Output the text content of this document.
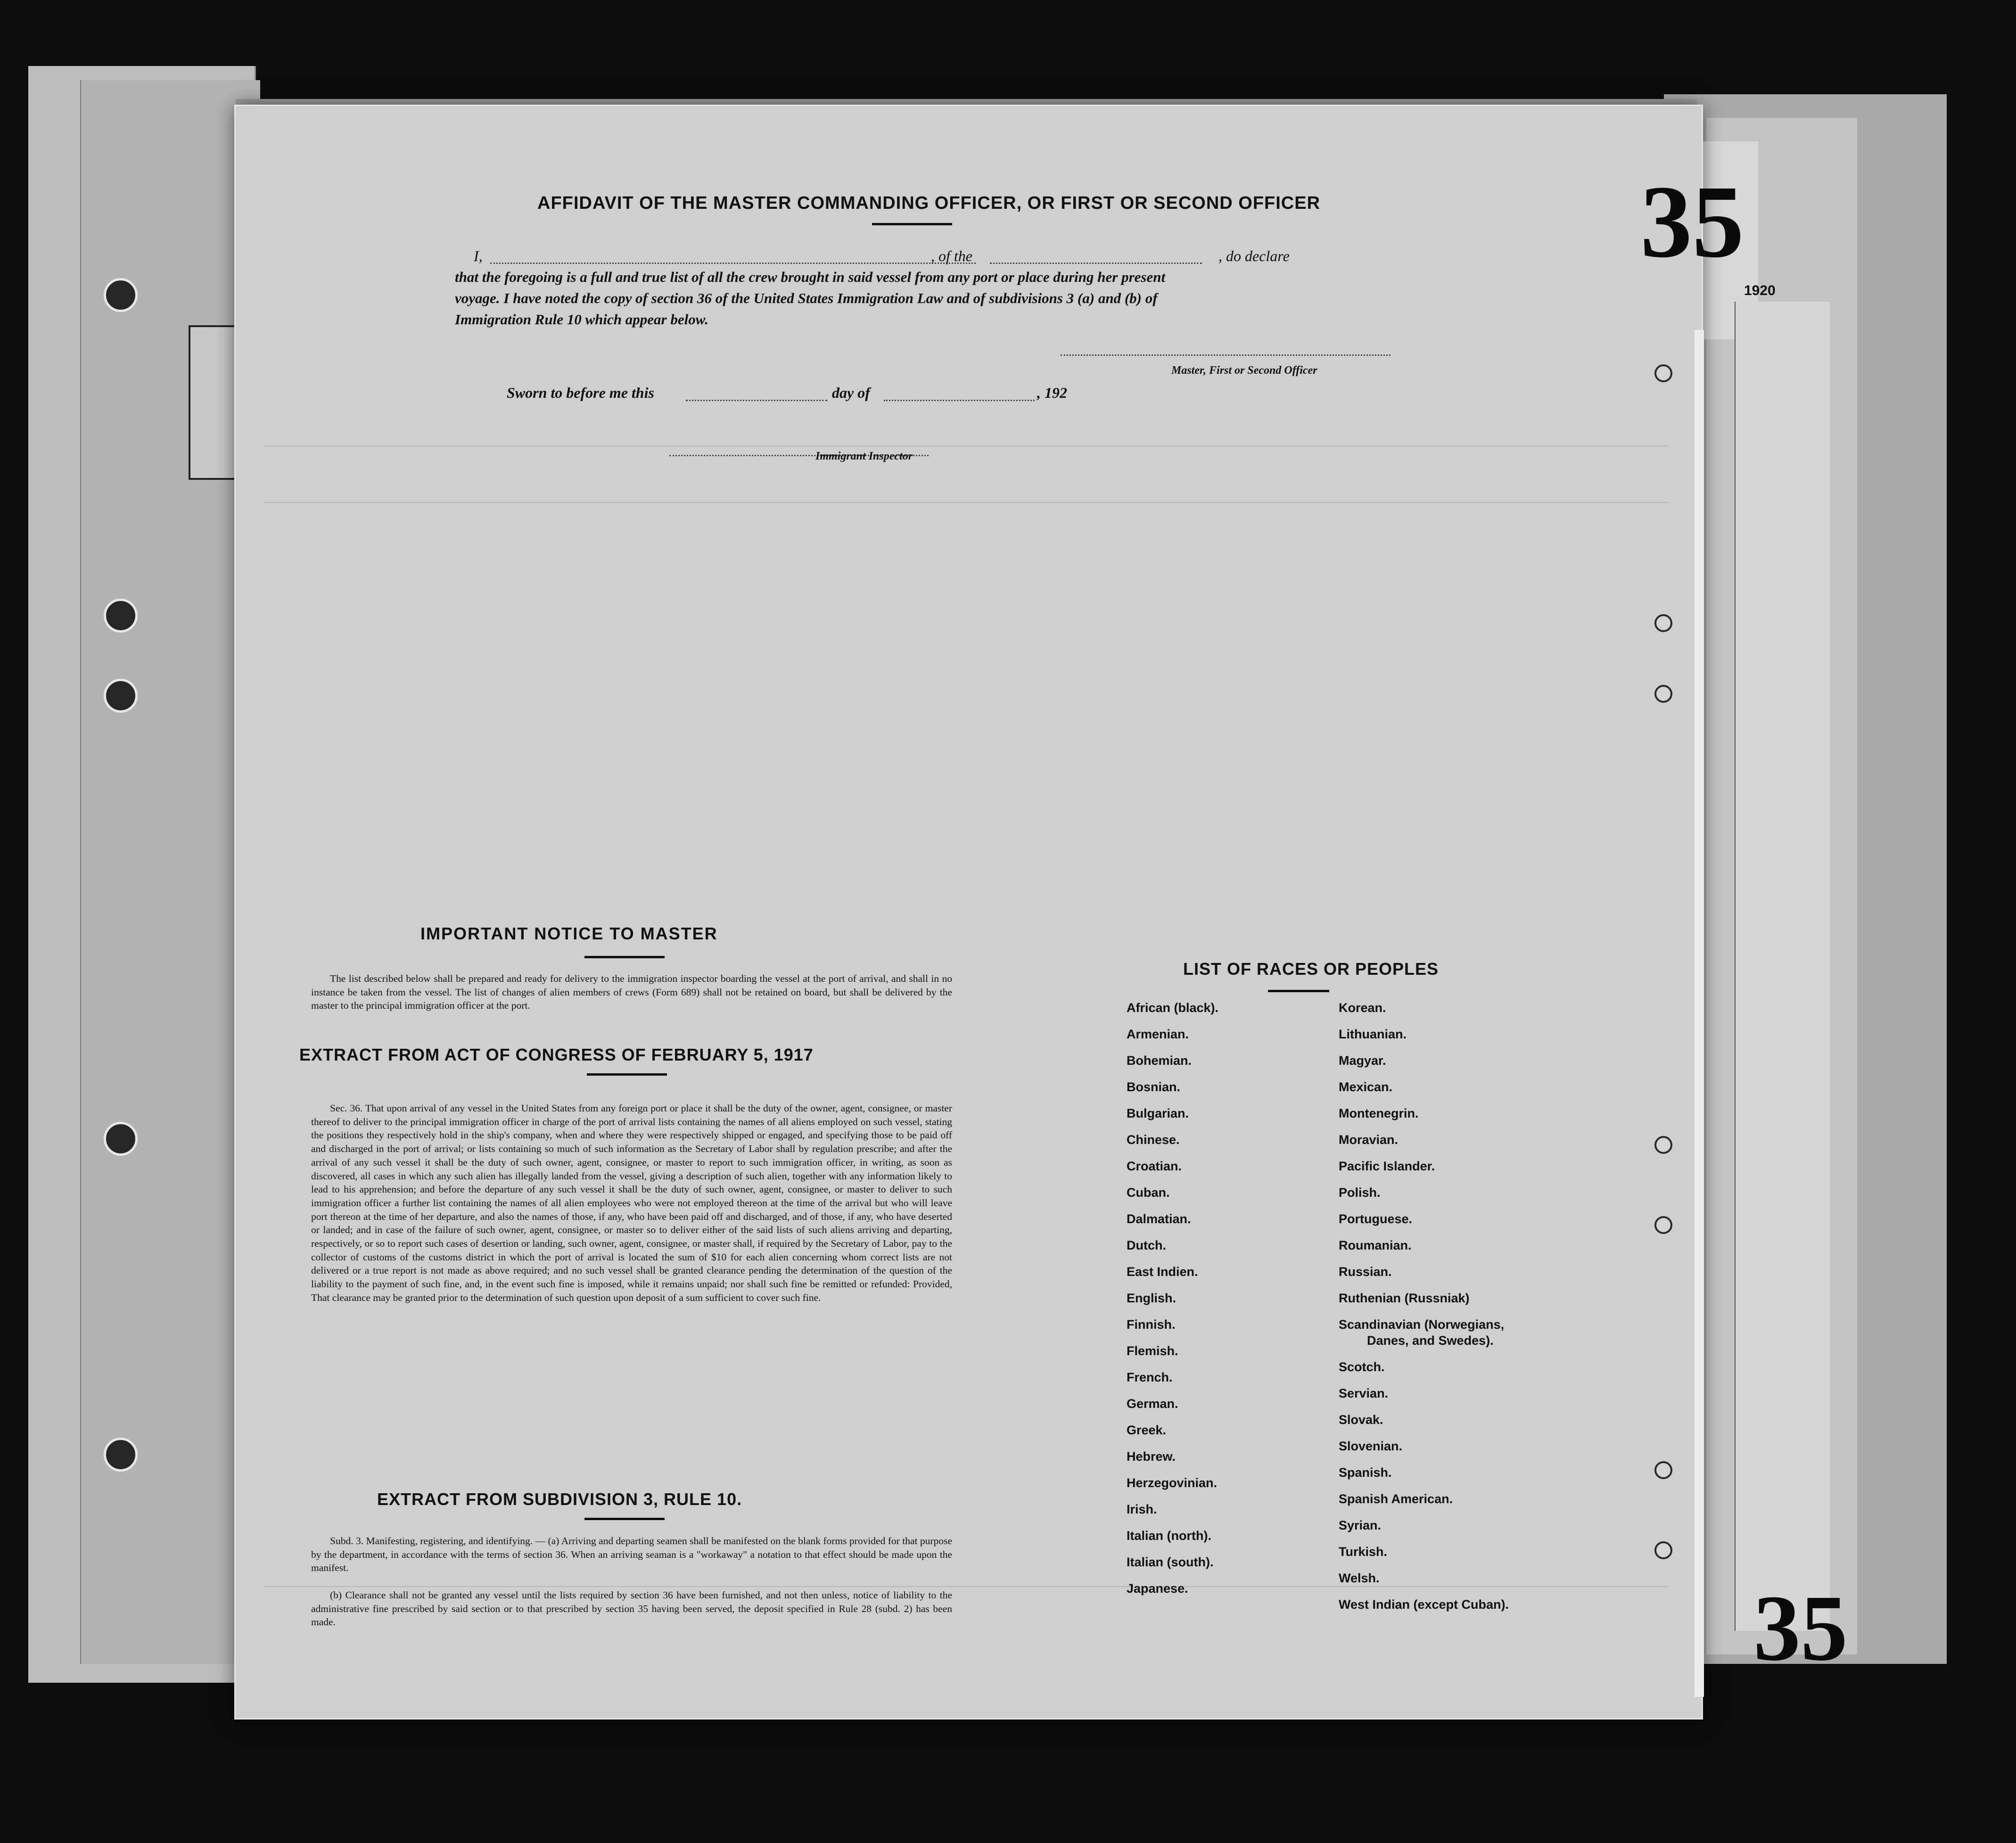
1920
AFFIDAVIT OF THE MASTER COMMANDING OFFICER, OR FIRST OR SECOND OFFICER
I,	, of the	, do declare
that the foregoing is a full and true list of all the crew brought in said vessel from any port or place during her present
voyage. I have noted the copy of section 36 of the United States Immigration Law and of subdivisions 3 (a) and (b) of
Immigration Rule 10 which appear below.
Master, First or Second Officer
Sworn to before me this	day of	, 192
Immigrant Inspector
IMPORTANT NOTICE TO MASTER
The list described below shall be prepared and ready for delivery to the immigration inspector boarding the vessel at the port of arrival, and shall in no instance be taken from the vessel. The list of changes of alien members of crews (Form 689) shall not be retained on board, but shall be delivered by the master to the principal immigration officer at the port.
EXTRACT FROM ACT OF CONGRESS OF FEBRUARY 5, 1917
Sec. 36. That upon arrival of any vessel in the United States from any foreign port or place it shall be the duty of the owner, agent, consignee, or master thereof to deliver to the principal immigration officer in charge of the port of arrival lists containing the names of all aliens employed on such vessel, stating the positions they respectively hold in the ship's company, when and where they were respectively shipped or engaged, and specifying those to be paid off and discharged in the port of arrival; or lists containing so much of such information as the Secretary of Labor shall by regulation prescribe; and after the arrival of any such vessel it shall be the duty of such owner, agent, consignee, or master to report to such immigration officer, in writing, as soon as discovered, all cases in which any such alien has illegally landed from the vessel, giving a description of such alien, together with any information likely to lead to his apprehension; and before the departure of any such vessel it shall be the duty of such owner, agent, consignee, or master to deliver to such immigration officer a further list containing the names of all alien employees who were not employed thereon at the time of the arrival but who will leave port thereon at the time of her departure, and also the names of those, if any, who have been paid off and discharged, and of those, if any, who have deserted or landed; and in case of the failure of such owner, agent, consignee, or master so to deliver either of the said lists of such aliens arriving and departing, respectively, or so to report such cases of desertion or landing, such owner, agent, consignee, or master shall, if required by the Secretary of Labor, pay to the collector of customs of the customs district in which the port of arrival is located the sum of $10 for each alien concerning whom correct lists are not delivered or a true report is not made as above required; and no such vessel shall be granted clearance pending the determination of the question of the liability to the payment of such fine, and, in the event such fine is imposed, while it remains unpaid; nor shall such fine be remitted or refunded: Provided, That clearance may be granted prior to the determination of such question upon deposit of a sum sufficient to cover such fine.
EXTRACT FROM SUBDIVISION 3, RULE 10.
Subd. 3. Manifesting, registering, and identifying. — (a) Arriving and departing seamen shall be manifested on the blank forms provided for that purpose by the department, in accordance with the terms of section 36. When an arriving seaman is a "workaway" a notation to that effect should be made upon the manifest.
(b) Clearance shall not be granted any vessel until the lists required by section 36 have been furnished, and not then unless, notice of liability to the administrative fine prescribed by said section or to that prescribed by section 35 having been served, the deposit specified in Rule 28 (subd. 2) has been made.
LIST OF RACES OR PEOPLES
African (black).
Armenian.
Bohemian.
Bosnian.
Bulgarian.
Chinese.
Croatian.
Cuban.
Dalmatian.
Dutch.
East Indien.
English.
Finnish.
Flemish.
French.
German.
Greek.
Hebrew.
Herzegovinian.
Irish.
Italian (north).
Italian (south).
Japanese.
Korean.
Lithuanian.
Magyar.
Mexican.
Montenegrin.
Moravian.
Pacific Islander.
Polish.
Portuguese.
Roumanian.
Russian.
Ruthenian (Russniak)
Scandinavian (Norwegians,
Danes, and Swedes).
Scotch.
Servian.
Slovak.
Slovenian.
Spanish.
Spanish American.
Syrian.
Turkish.
Welsh.
West Indian (except Cuban).
35
35
